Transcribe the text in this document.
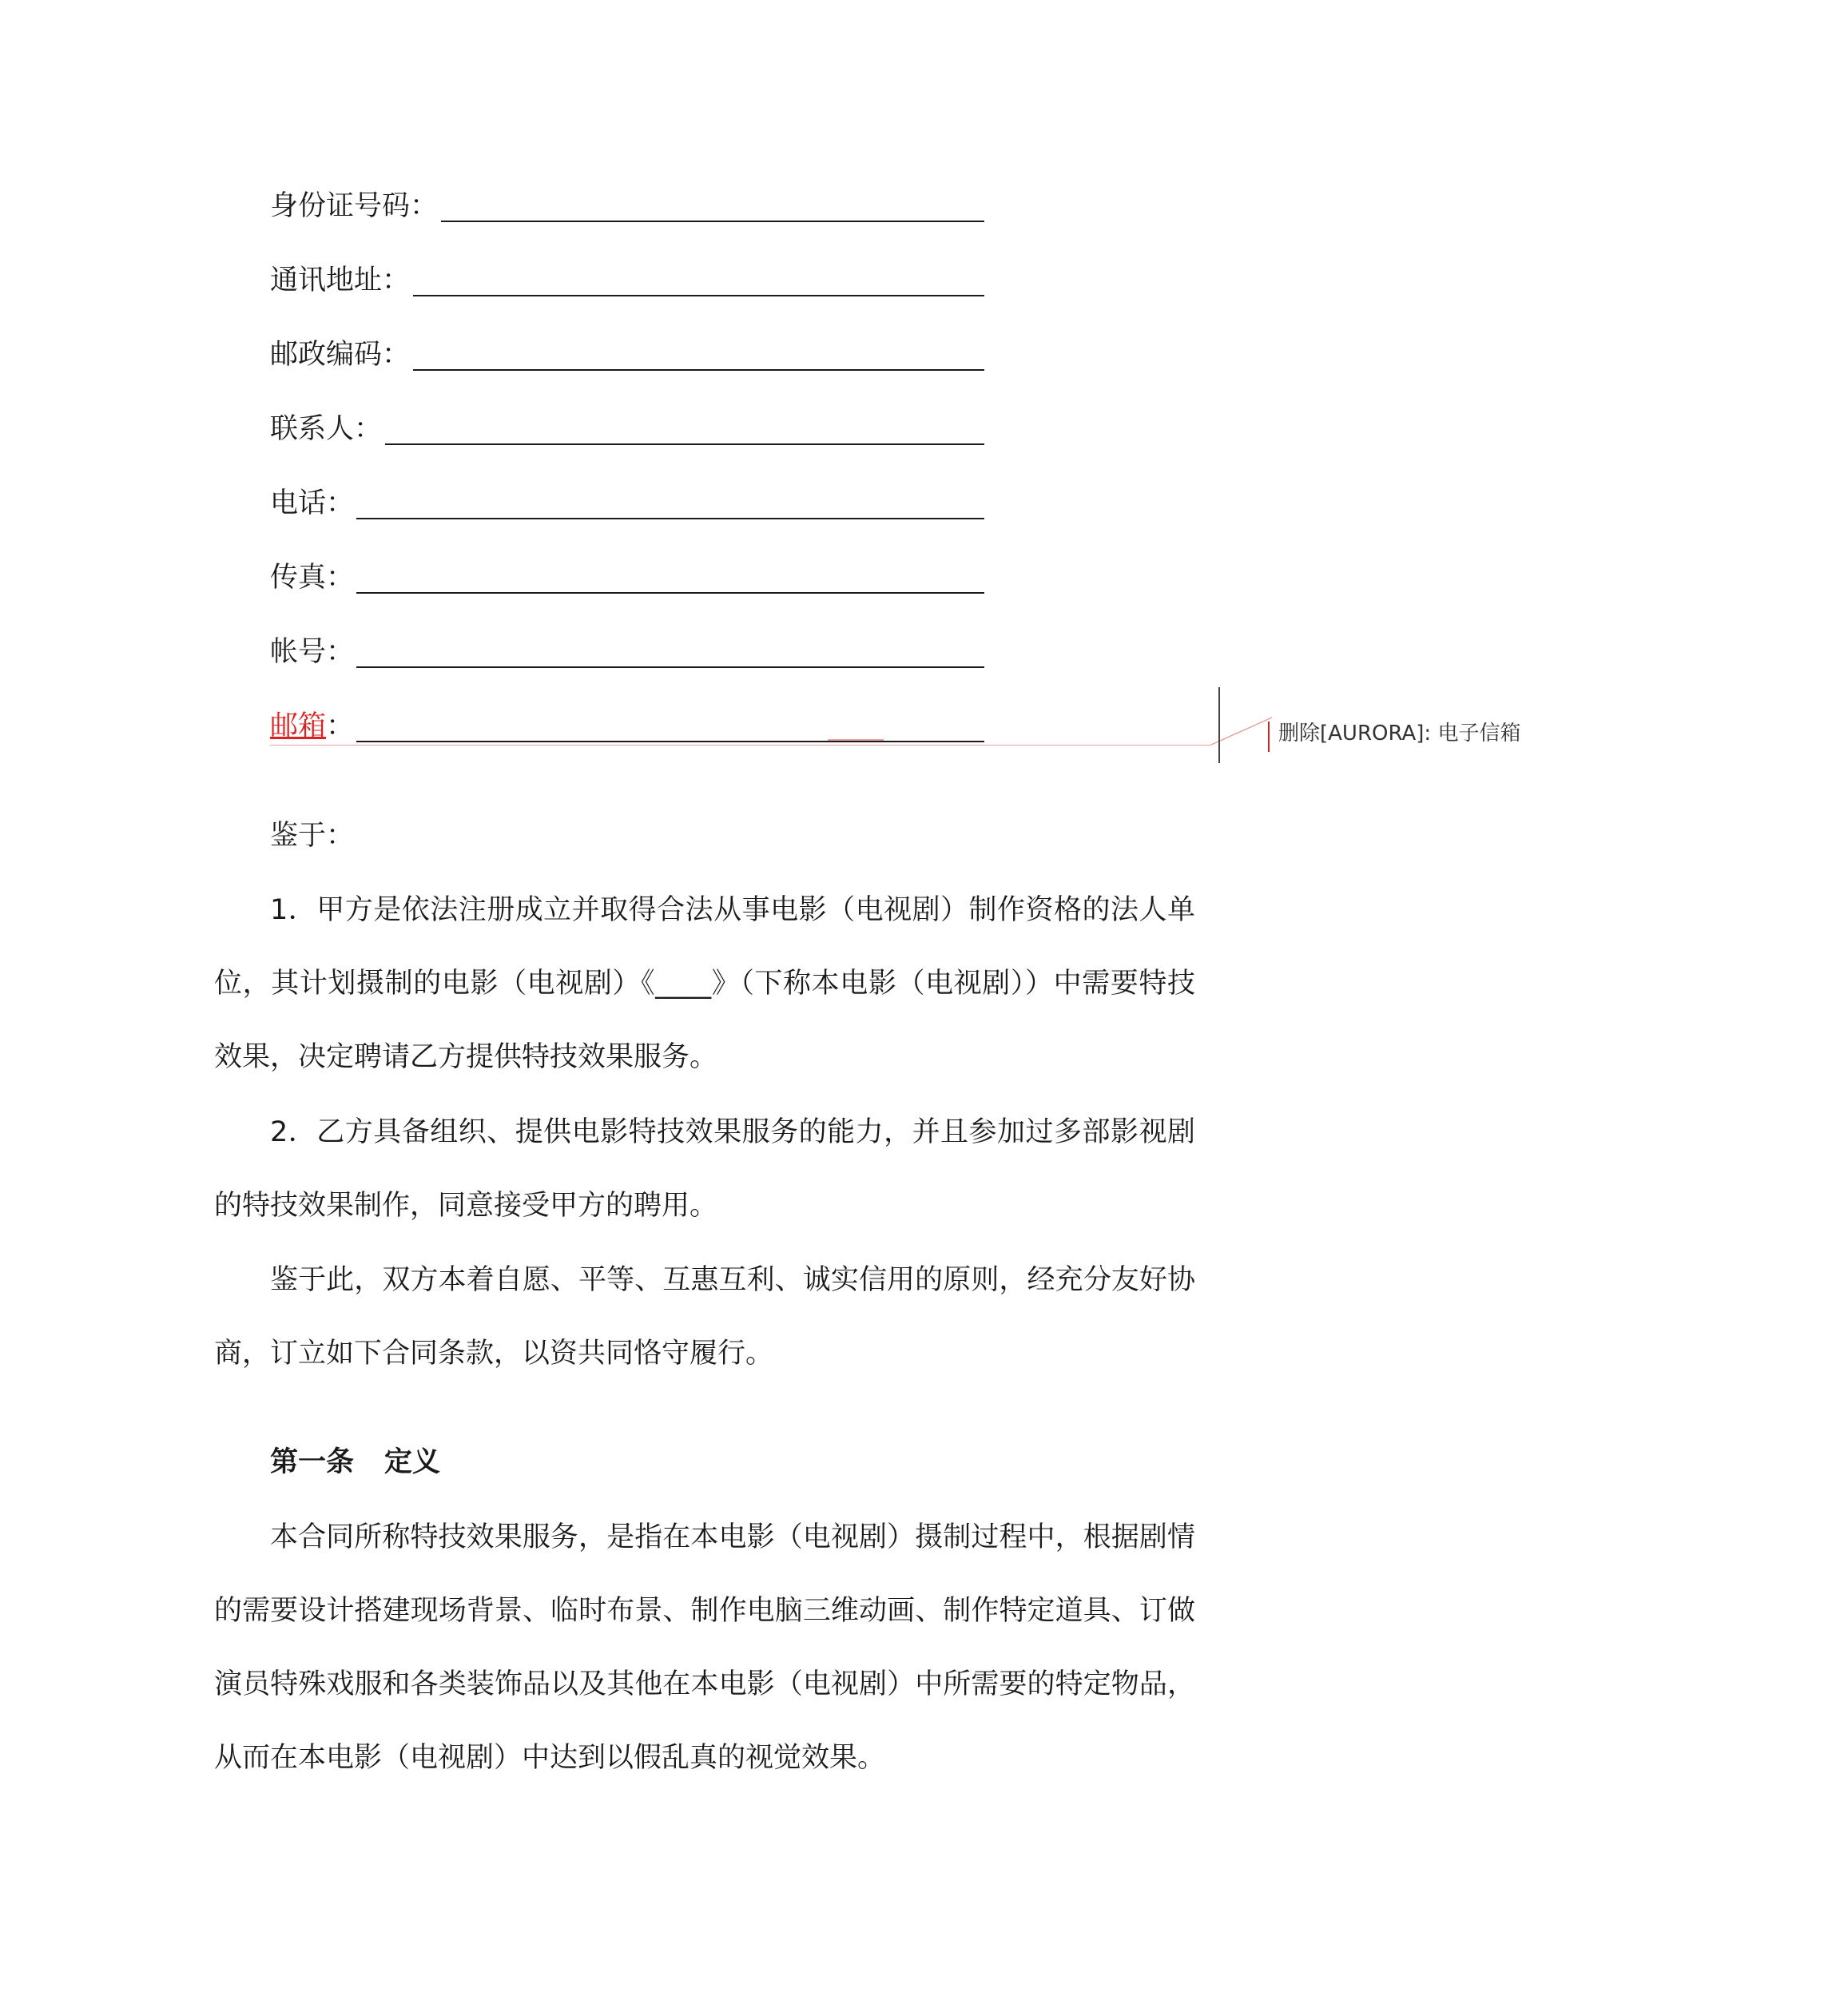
身份证号码：
通讯地址：
邮政编码：
联系人：
电话：
传真：
帐号：
邮箱：	删除[AURORA]: 电子信箱
鉴于：

1．甲方是依法注册成立并取得合法从事电影（电视剧）制作资格的法人单位，其计划摄制的电影（电视剧）《____》（下称本电影（电视剧））中需要特技效果，决定聘请乙方提供特技效果服务。

2．乙方具备组织、提供电影特技效果服务的能力，并且参加过多部影视剧的特技效果制作，同意接受甲方的聘用。

鉴于此，双方本着自愿、平等、互惠互利、诚实信用的原则，经充分友好协商，订立如下合同条款，以资共同恪守履行。

第一条 定义

本合同所称特技效果服务，是指在本电影（电视剧）摄制过程中，根据剧情的需要设计搭建现场背景、临时布景、制作电脑三维动画、制作特定道具、订做演员特殊戏服和各类装饰品以及其他在本电影（电视剧）中所需要的特定物品，从而在本电影（电视剧）中达到以假乱真的视觉效果。
